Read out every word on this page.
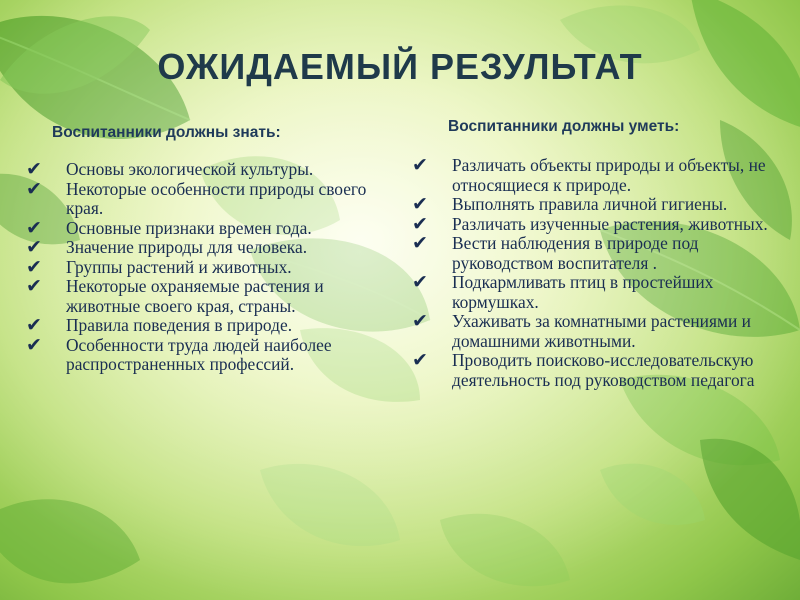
ОЖИДАЕМЫЙ РЕЗУЛЬТАТ
Воспитанники должны знать:	Воспитанники должны уметь:
✔	Основы экологической культуры.
✔	Некоторые особенности природы своего края.
✔	Основные признаки времен года.
✔	Значение природы для человека.
✔	Группы растений и животных.
✔	Некоторые охраняемые растения и животные своего края, страны.
✔	Правила поведения в природе.
✔	Особенности труда людей наиболее распространенных профессий.
✔	Различать объекты природы и объекты, не относящиеся к природе.
✔	Выполнять правила личной гигиены.
✔	Различать изученные растения, животных.
✔	Вести наблюдения в природе под руководством воспитателя .
✔	Подкармливать птиц в простейших кормушках.
✔	Ухаживать за комнатными растениями и домашними животными.
✔	Проводить поисково-исследовательскую деятельность под руководством педагога
